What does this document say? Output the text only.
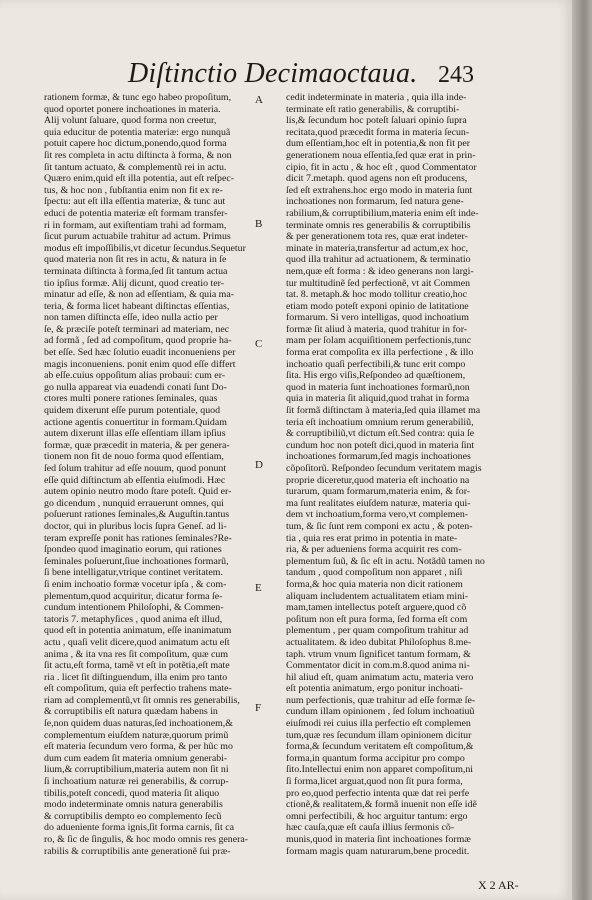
Diſtinctio Decimaoctaua. 243
rationem formæ, & tunc ego habeo propoſitum,
quod oportet ponere inchoationes in materia.
Alij volunt ſaluare, quod forma non creetur,
quia educitur de potentia materiæ: ergo nunquã
potuit capere hoc dictum,ponendo,quod forma
ſit res completa in actu diſtincta à forma, & non
ſit tantum actuato, & complementũ rei in actu.
Quæro enim,quid eſt illa potentia, aut eſt reſpec-
tus, & hoc non , ſubſtantia enim non fit ex re-
ſpectu: aut eſt illa eſſentia materiæ, & tunc aut
educi de potentia materiæ eſt formam transfer-
ri in formam, aut exiſtentiam trahi ad formam,
ſicut purum actuabile trahitur ad actum. Primus
modus eſt impoſſibilis,vt dicetur ſecundus.Sequetur
quod materia non ſit res in actu, & natura in ſe
terminata diſtincta à forma,ſed ſit tantum actua
tio ipſius formæ. Alij dicunt, quod creatio ter-
minatur ad eſſe, & non ad eſſentiam, & quia ma-
teria, & forma licet habeant diſtinctas eſſentias,
non tamen diſtincta eſſe, ideo nulla actio per
ſe, & præciſe poteſt terminari ad materiam, nec
ad formã , ſed ad compoſitum, quod proprie ha-
bet eſſe. Sed hæc ſolutio euadit inconueniens per
magis inconueniens. ponit enim quod eſſe differt
ab eſſe.cuius oppoſitum alias probaui: cum er-
go nulla appareat via euadendi conati ſunt Do-
ctores multi ponere rationes ſeminales, quas
quidem dixerunt eſſe purum potentiale, quod
actione agentis conuertitur in formam.Quidam
autem dixerunt illas eſſe eſſentiam illam ipſius
formæ, quæ præcedit in materia, & per genera-
tionem non fit de nouo forma quod eſſentiam,
ſed ſolum trahitur ad eſſe nouum, quod ponunt
eſſe quid diſtinctum ab eſſentia eiuſmodi. Hæc
autem opinio neutro modo ſtare poteſt. Quid er-
go dicendum , nunquid errauerunt omnes, qui
poſuerunt rationes ſeminales,& Auguſtin.tantus
doctor, qui in pluribus locis ſupra Geneſ. ad li-
teram expreſſe ponit has rationes ſeminales?Re-
ſpondeo quod imaginatio eorum, qui rationes
ſeminales poſuerunt,ſiue inchoationes formarũ,
ſi bene intelligatur,vtrique continet veritatem.
ſi enim inchoatio formæ vocetur ipſa , & com-
plementum,quod acquiritur, dicatur forma ſe-
cundum intentionem Philoſophi, & Commen-
tatoris 7. metaphyſices , quod anima eſt illud,
quod eſt in potentia animatum, eſſe inanimatum
actu , quaſi velit dicere,quod animatum actu eſt
anima , & ita vna res ſit compoſitum, quæ cum
ſit actu,eſt forma, tamẽ vt eſt in potẽtia,eſt mate
ria . licet ſit diſtinguendum, illa enim pro tanto
eſt compoſitum, quia eſt perfectio trahens mate-
riam ad complementũ,vt ſit omnis res generabilis,
& corruptibilis eſt natura quædam habens in
ſe,non quidem duas naturas,ſed inchoationem,&
complementum eiuſdem naturæ,quorum primũ
eſt materia ſecundum vero forma, & per hũc mo
dum cum eadem ſit materia omnium generabi-
lium,& corruptibilium,materia autem non ſit ni
ſi inchoatium naturæ rei generabilis, & corrup-
tibilis,poteſt concedi, quod materia ſit aliquo
modo indeterminate omnis natura generabilis
& corruptibilis dempto eo complemento ſecũ
do adueniente forma ignis,ſit forma carnis, ſit ca
ro, & ſic de ſingulis, & hoc modo omnis res genera-
rabilis & corruptibilis ante generationẽ ſui præ-
A
B
C
D
E
F
cedit indeterminate in materia , quia illa inde-
terminate eſt ratio generabilis, & corruptibi-
lis,& ſecundum hoc poteſt ſaluari opinio ſupra
recitata,quod præcedit forma in materia ſecun-
dum eſſentiam,hoc eſt in potentia,& non fit per
generationem noua eſſentia,ſed quæ erat in prin-
cipio, fit in actu , & hoc eſt , quod Commentator
dicit 7.metaph. quod agens non eſt producens,
ſed eſt extrahens.hoc ergo modo in materia ſunt
inchoationes non formarum, ſed natura gene-
rabilium,& corruptibilium,materia enim eſt inde-
terminate omnis res generabilis & corruptibilis
& per generationem tota res, quæ erat indeter-
minate in materia,transfertur ad actum,ex hoc,
quod illa trahitur ad actuationem, & terminatio
nem,quæ eſt forma : & ideo generans non largi-
tur multitudinẽ ſed perfectionẽ, vt ait Commen
tat. 8. metaph.& hoc modo tollitur creatio,hoc
etiam modo poteſt exponi opinio de latitatione
formarum. Si vero intelligas, quod inchoatium
formæ ſit aliud à materia, quod trahitur in for-
mam per ſolam acquiſitionem perfectionis,tunc
forma erat compoſita ex illa perfectione , & illo
inchoatio quaſi perfectibili,& tunc erit compo
ſita. His ergo viſis,Reſpondeo ad quæſtionem,
quod in materia ſunt inchoationes formarũ,non
quia in materia ſit aliquid,quod trahat in forma
ſit formã diſtinctam à materia,ſed quia illamet ma
teria eſt inchoatium omnium rerum generabiliũ,
& corruptibiliũ,vt dictum eſt.Sed contra: quia ſe
cundum hoc non poteſt dici,quod in materia ſint
inchoationes formarum,ſed magis inchoationes
cõpoſitorũ. Reſpondeo ſecundum veritatem magis
proprie diceretur,quod materia eſt inchoatio na
turarum, quam formarum,materia enim, & for-
ma ſunt realitates eiuſdem naturæ, materia qui-
dem vt inchoatium,forma vero,vt complemen-
tum, & ſic ſunt rem componi ex actu , & poten-
tia , quia res erat primo in potentia in mate-
ria, & per adueniens forma acquirit res com-
plementum ſuũ, & ſic eſt in actu. Notãdũ tamen no
tandum , quod compoſitum non apparet , niſi
forma,& hoc quia materia non dicit rationem
aliquam includentem actualitatem etiam mini-
mam,tamen intellectus poteſt arguere,quod cõ
poſitum non eſt pura forma, ſed forma eſt com
plementum , per quam compoſitum trahitur ad
actualitatem. & ideo dubitat Philoſophus 8.me-
taph. vtrum vnum ſignificet tantum formam, &
Commentator dicit in com.m.8.quod anima ni-
hil aliud eſt, quam animatum actu, materia vero
eſt potentia animatum, ergo ponitur inchoati-
num perfectionis, quæ trahitur ad eſſe formæ ſe-
cundum illam opinionem , ſed ſolum inchoatiuũ
eiuſmodi rei cuius illa perfectio eſt complemen
tum,quæ res ſecundum illam opinionem dicitur
forma,& ſecundum veritatem eſt compoſitum,&
forma,in quantum forma accipitur pro compo
ſito.Intellectui enim non apparet compoſitum,ni
ſi forma,licet arguat,quod non ſit pura forma,
pro eo,quod perfectio intenta quæ dat rei perfe
ctionẽ,& realitatem,& formã inuenit non eſſe idẽ
omni perfectibili, & hoc arguitur tantum: ergo
hæc cauſa,quæ eſt cauſa illius ſermonis cõ-
munis,quod in materia ſint inchoationes formæ
formam magis quam naturarum,bene procedit.
X 2 AR-
